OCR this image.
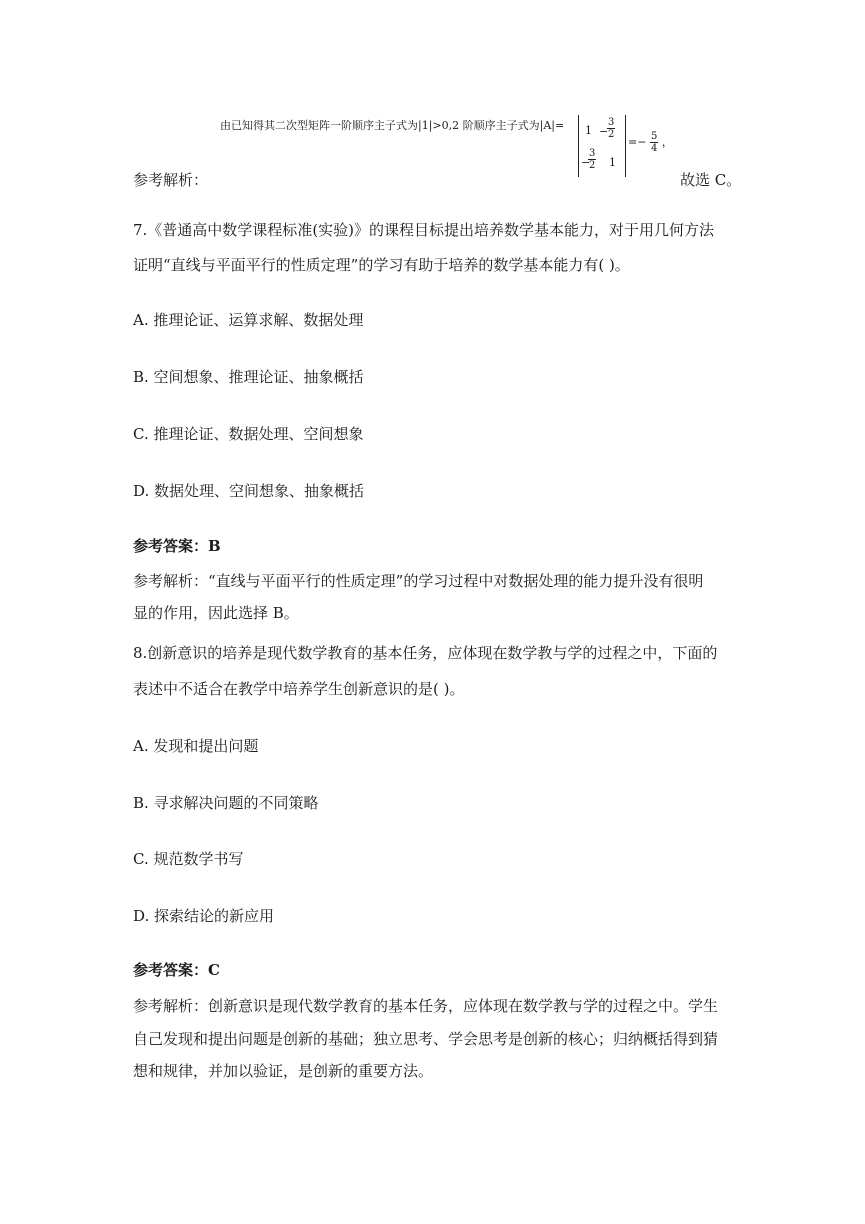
由已知得其二次型矩阵一阶顺序主子式为|1|>0,2 阶顺序主子式为|A|= 1 −
$\frac{3}{2}$
−
$\frac{3}{2} 1$
=− $\frac{5}{4}$ ，
参考解析：	故选 C。
7.《普通高中数学课程标准(实验)》的课程目标提出培养数学基本能力，对于用几何方法
证明“直线与平面平行的性质定理”的学习有助于培养的数学基本能力有( )。
A. 推理论证、运算求解、数据处理
B. 空间想象、推理论证、抽象概括
C. 推理论证、数据处理、空间想象
D. 数据处理、空间想象、抽象概括
参考答案：B
参考解析：“直线与平面平行的性质定理”的学习过程中对数据处理的能力提升没有很明
显的作用，因此选择 B。
8.创新意识的培养是现代数学教育的基本任务，应体现在数学教与学的过程之中，下面的
表述中不适合在教学中培养学生创新意识的是( )。
A. 发现和提出问题
B. 寻求解决问题的不同策略
C. 规范数学书写
D. 探索结论的新应用
参考答案：C
参考解析：创新意识是现代数学教育的基本任务，应体现在数学教与学的过程之中。学生
自己发现和提出问题是创新的基础；独立思考、学会思考是创新的核心；归纳概括得到猜
想和规律，并加以验证，是创新的重要方法。
